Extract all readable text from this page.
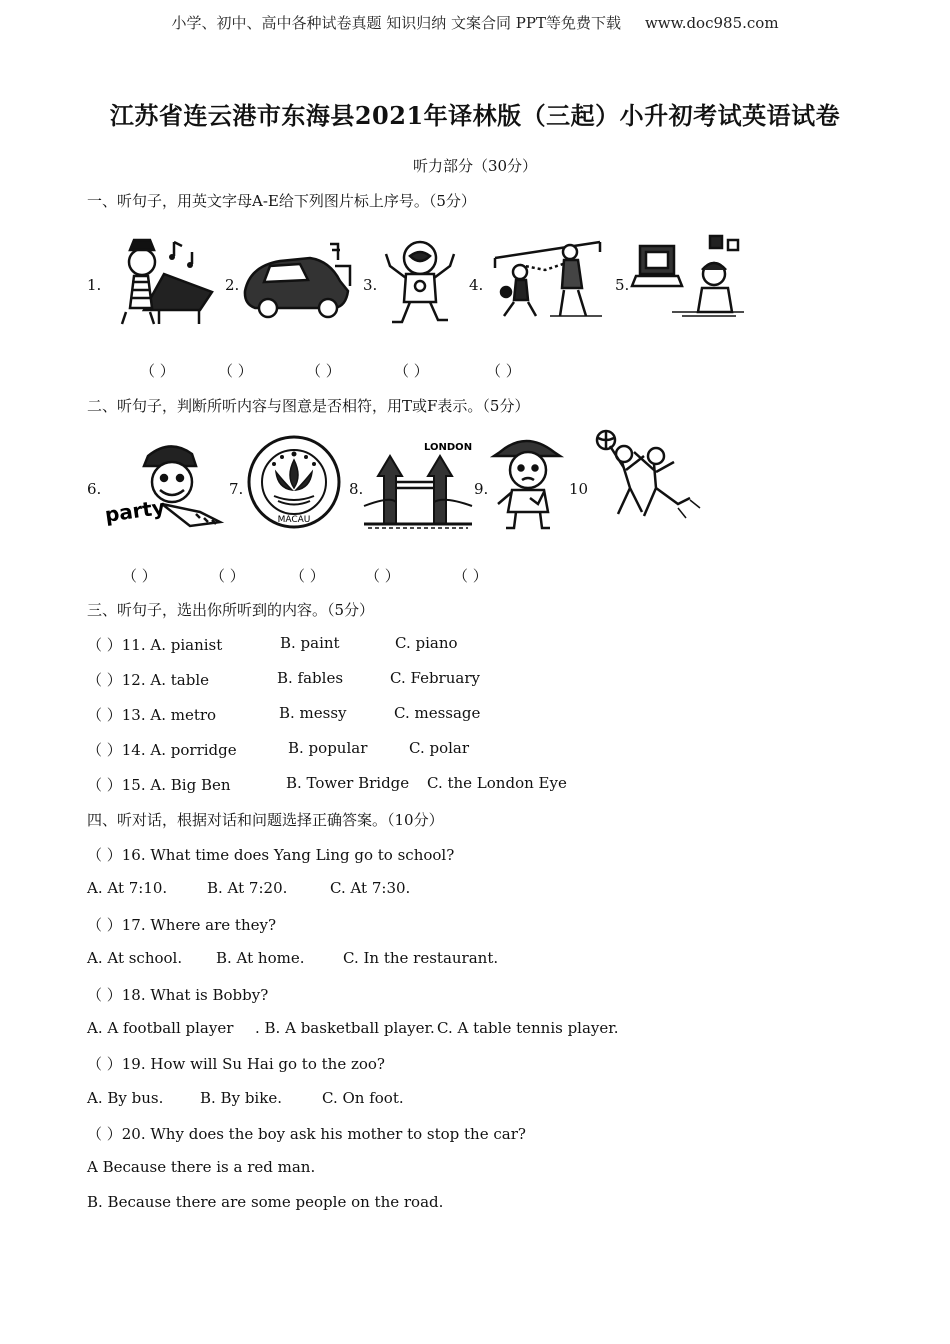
小学、初中、高中各种试卷真题 知识归纳 文案合同 PPT等免费下载 www.doc985.com
江苏省连云港市东海县2021年译林版（三起）小升初考试英语试卷
听力部分（30分）
一、听句子，用英文字母A-E给下列图片标上序号。（5分）
1.	2.	3.	4.	5.
（ ）	（ ）	（ ）	（ ）	（ ）
二、听句子，判断所听内容与图意是否相符，用T或F表示。（5分）
6.
party
7.
MACAU
8.
LONDON
9.	10
（ ）	（ ）	（ ）	（ ）	（ ）
三、听句子，选出你所听到的内容。（5分）
（ ）11. A. pianist	B. paint	C. piano
（ ）12. A. table	B. fables	C. February
（ ）13. A. metro	B. messy	C. message
（ ）14. A. porridge	B. popular	C. polar
（ ）15. A. Big Ben	B. Tower Bridge C. the London Eye
四、听对话，根据对话和问题选择正确答案。（10分）
（ ）16. What time does Yang Ling go to school?
A. At 7:10.	B. At 7:20.	C. At 7:30.
（ ）17. Where are they?
A. At school. B. At home.	C. In the restaurant.
（ ）18. What is Bobby?
A. A football player . B. A basketball player. C. A table tennis player.
（ ）19. How will Su Hai go to the zoo?
A. By bus. B. By bike.	C. On foot.
（ ）20. Why does the boy ask his mother to stop the car?
A Because there is a red man.
B. Because there are some people on the road.
